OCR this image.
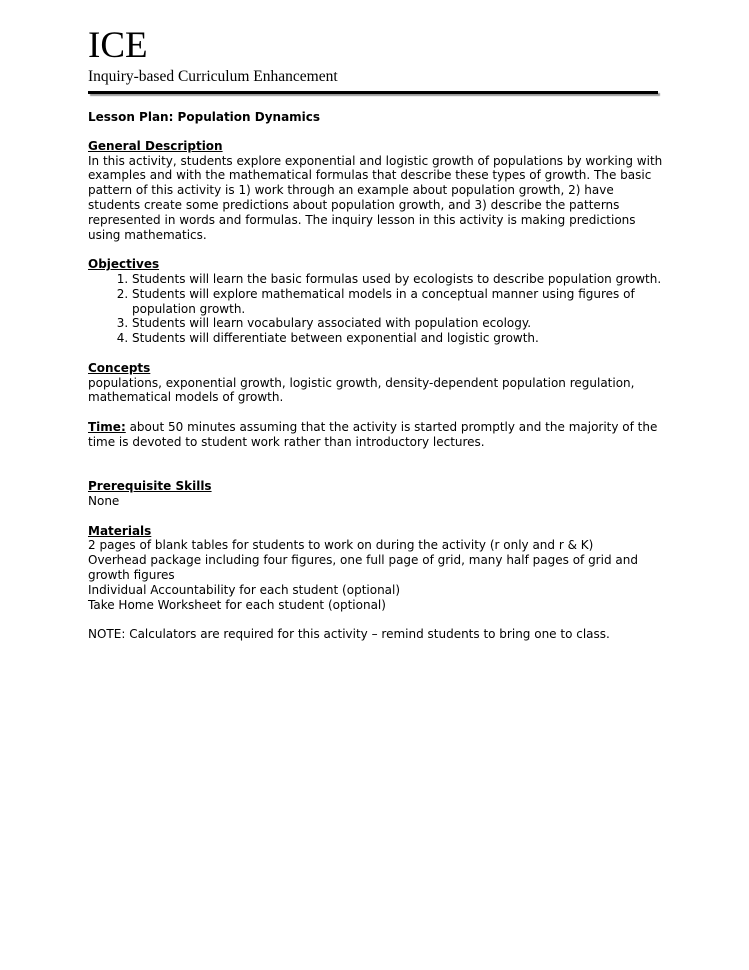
ICE
Inquiry-based Curriculum Enhancement
Lesson Plan: Population Dynamics
General Description

In this activity, students explore exponential and logistic growth of populations by working with examples and with the mathematical formulas that describe these types of growth. The basic pattern of this activity is 1) work through an example about population growth, 2) have students create some predictions about population growth, and 3) describe the patterns represented in words and formulas. The inquiry lesson in this activity is making predictions using mathematics.

Objectives
1. Students will learn the basic formulas used by ecologists to describe population growth.
2. Students will explore mathematical models in a conceptual manner using figures of population growth.
3. Students will learn vocabulary associated with population ecology.
4. Students will differentiate between exponential and logistic growth.
Concepts

populations, exponential growth, logistic growth, density-dependent population regulation, mathematical models of growth.

Time: about 50 minutes assuming that the activity is started promptly and the majority of the time is devoted to student work rather than introductory lectures.

Prerequisite Skills

None

Materials
2 pages of blank tables for students to work on during the activity (r only and r & K)
Overhead package including four figures, one full page of grid, many half pages of grid and growth figures
Individual Accountability for each student (optional)
Take Home Worksheet for each student (optional)

NOTE: Calculators are required for this activity – remind students to bring one to class.
